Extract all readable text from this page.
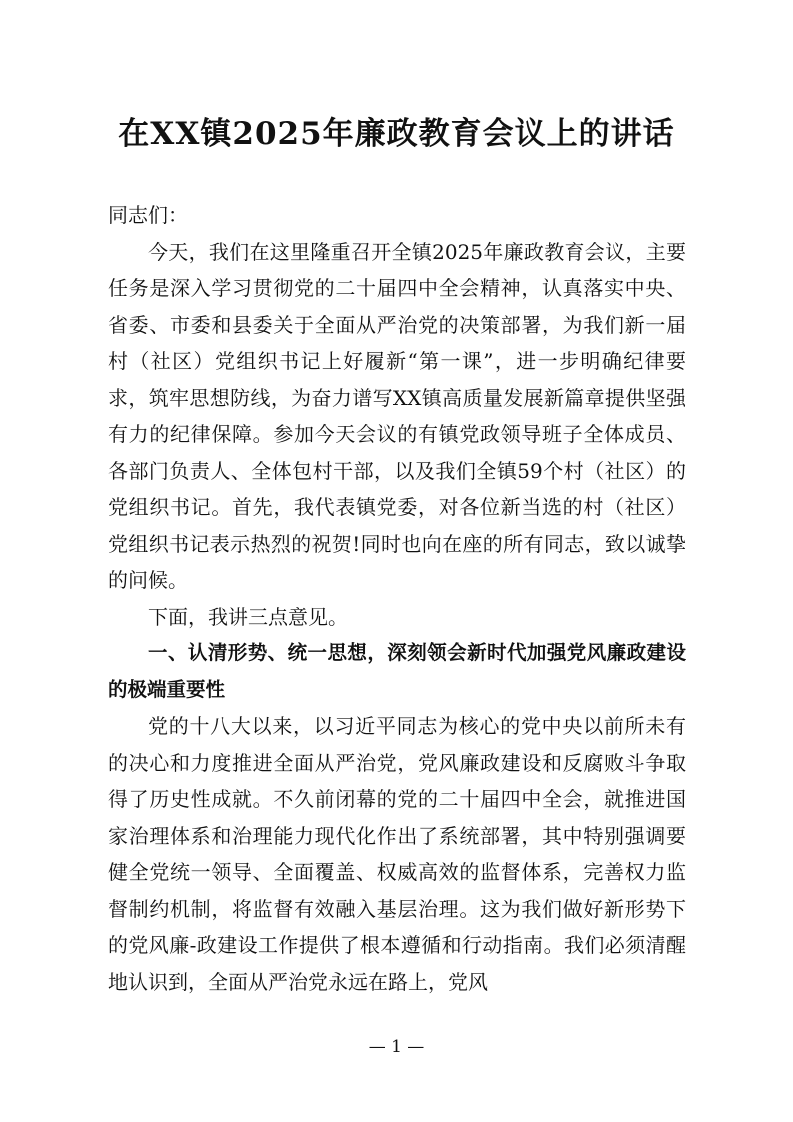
在XX镇2025年廉政教育会议上的讲话

同志们：

今天，我们在这里隆重召开全镇2025年廉政教育会议，主要任务是深入学习贯彻党的二十届四中全会精神，认真落实中央、省委、市委和县委关于全面从严治党的决策部署，为我们新一届村（社区）党组织书记上好履新“第一课”，进一步明确纪律要求，筑牢思想防线，为奋力谱写XX镇高质量发展新篇章提供坚强有力的纪律保障。参加今天会议的有镇党政领导班子全体成员、各部门负责人、全体包村干部，以及我们全镇59个村（社区）的党组织书记。首先，我代表镇党委，对各位新当选的村（社区）党组织书记表示热烈的祝贺!同时也向在座的所有同志，致以诚挚的问候。

下面，我讲三点意见。

一、认清形势、统一思想，深刻领会新时代加强党风廉政建设的极端重要性

党的十八大以来，以习近平同志为核心的党中央以前所未有的决心和力度推进全面从严治党，党风廉政建设和反腐败斗争取得了历史性成就。不久前闭幕的党的二十届四中全会，就推进国家治理体系和治理能力现代化作出了系统部署，其中特别强调要健全党统一领导、全面覆盖、权威高效的监督体系，完善权力监督制约机制，将监督有效融入基层治理。这为我们做好新形势下的党风廉-政建设工作提供了根本遵循和行动指南。我们必须清醒地认识到，全面从严治党永远在路上，党风

— 1 —
